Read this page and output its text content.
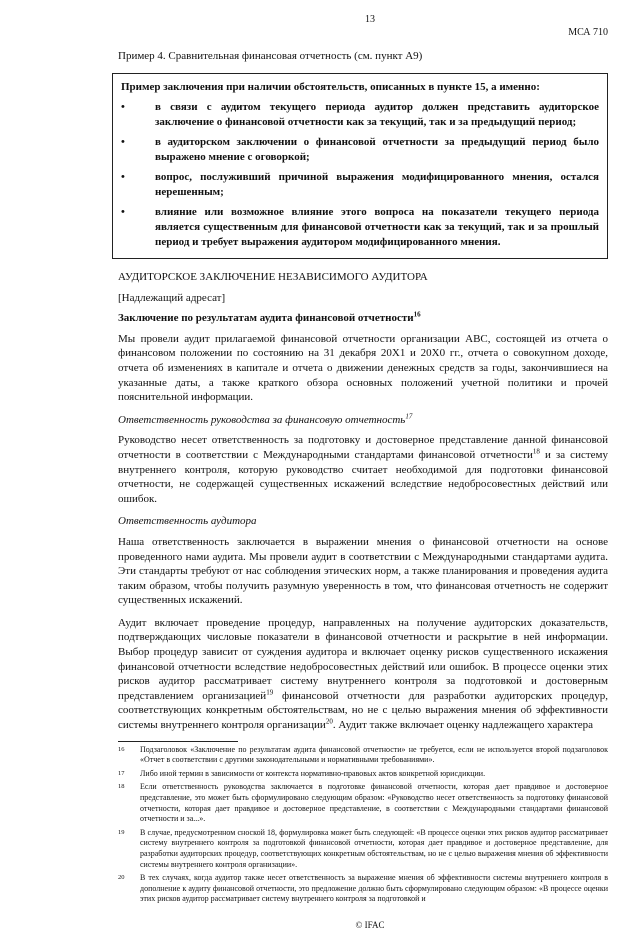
13
МСА 710
Пример 4. Сравнительная финансовая отчетность (см. пункт А9)
Пример заключения при наличии обстоятельств, описанных в пункте 15, а именно:
•	в связи с аудитом текущего периода аудитор должен представить аудиторское заключение о финансовой отчетности как за текущий, так и за предыдущий период;
•	в аудиторском заключении о финансовой отчетности за предыдущий период было выражено мнение с оговоркой;
•	вопрос, послуживший причиной выражения модифицированного мнения, остался нерешенным;
•	влияние или возможное влияние этого вопроса на показатели текущего периода является существенным для финансовой отчетности как за текущий, так и за прошлый период и требует выражения аудитором модифицированного мнения.
АУДИТОРСКОЕ ЗАКЛЮЧЕНИЕ НЕЗАВИСИМОГО АУДИТОРА
[Надлежащий адресат]
Заключение по результатам аудита финансовой отчетности$^{16}$
Мы провели аудит прилагаемой финансовой отчетности организации ABC, состоящей из отчета о финансовом положении по состоянию на 31 декабря 20X1 и 20X0 гг., отчета о совокупном доходе, отчета об изменениях в капитале и отчета о движении денежных средств за годы, закончившиеся на указанные даты, а также краткого обзора основных положений учетной политики и прочей пояснительной информации.
Ответственность руководства за финансовую отчетность$^{17}$
Руководство несет ответственность за подготовку и достоверное представление данной финансовой отчетности в соответствии с Международными стандартами финансовой отчетности$^{18}$ и за систему внутреннего контроля, которую руководство считает необходимой для подготовки финансовой отчетности, не содержащей существенных искажений вследствие недобросовестных действий или ошибок.
Ответственность аудитора
Наша ответственность заключается в выражении мнения о финансовой отчетности на основе проведенного нами аудита. Мы провели аудит в соответствии с Международными стандартами аудита. Эти стандарты требуют от нас соблюдения этических норм, а также планирования и проведения аудита таким образом, чтобы получить разумную уверенность в том, что финансовая отчетность не содержит существенных искажений.
Аудит включает проведение процедур, направленных на получение аудиторских доказательств, подтверждающих числовые показатели в финансовой отчетности и раскрытие в ней информации. Выбор процедур зависит от суждения аудитора и включает оценку рисков существенного искажения финансовой отчетности вследствие недобросовестных действий или ошибок. В процессе оценки этих рисков аудитор рассматривает систему внутреннего контроля за подготовкой и достоверным представлением организацией$^{19}$ финансовой отчетности для разработки аудиторских процедур, соответствующих конкретным обстоятельствам, но не с целью выражения мнения об эффективности системы внутреннего контроля организации$^{20}$. Аудит также включает оценку надлежащего характера
16 Подзаголовок «Заключение по результатам аудита финансовой отчетности» не требуется, если не используется второй подзаголовок «Отчет в соответствии с другими законодательными и нормативными требованиями».
17 Либо иной термин в зависимости от контекста нормативно-правовых актов конкретной юрисдикции.
18 Если ответственность руководства заключается в подготовке финансовой отчетности, которая дает правдивое и достоверное представление, это может быть сформулировано следующим образом: «Руководство несет ответственность за подготовку финансовой отчетности, которая дает правдивое и достоверное представление, в соответствии с Международными стандартами финансовой отчетности и за...».
19 В случае, предусмотренном сноской 18, формулировка может быть следующей: «В процессе оценки этих рисков аудитор рассматривает систему внутреннего контроля за подготовкой финансовой отчетности, которая дает правдивое и достоверное представление, для разработки аудиторских процедур, соответствующих конкретным обстоятельствам, но не с целью выражения мнения об эффективности системы внутреннего контроля организации».
20 В тех случаях, когда аудитор также несет ответственность за выражение мнения об эффективности системы внутреннего контроля в дополнение к аудиту финансовой отчетности, это предложение должно быть сформулировано следующим образом: «В процессе оценки этих рисков аудитор рассматривает систему внутреннего контроля за подготовкой и
© IFAC
